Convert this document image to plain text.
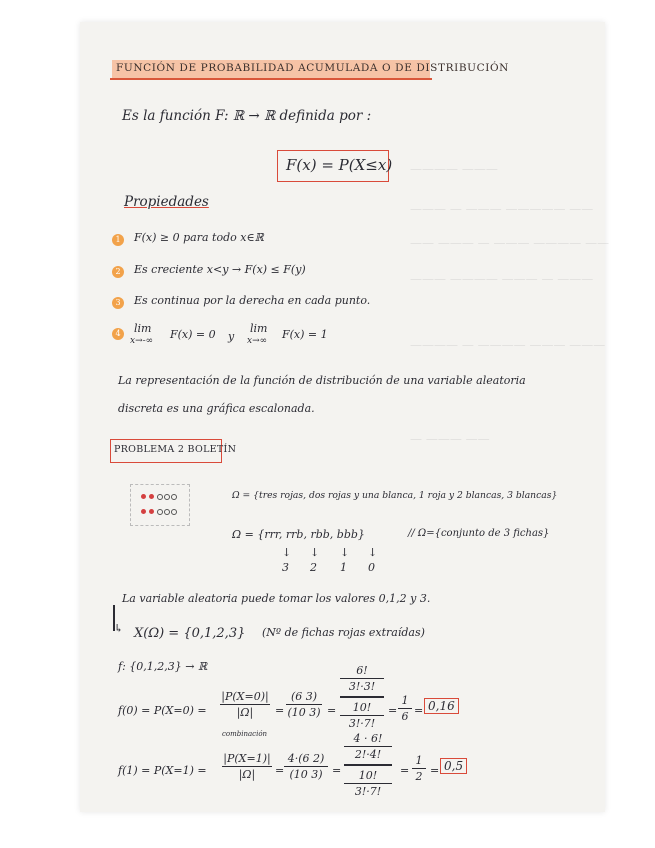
———— ———
——— — ——— ————— ——
—— ——— — ——— ———— ——
——— ———— ——— — ———
———— — ———— ——— ———
— ——— ——
FUNCIÓN DE PROBABILIDAD ACUMULADA O DE DISTRIBUCIÓN
Es la función F: ℝ → ℝ definida por :
F(x) = P(X≤x)
Propiedades
1	F(x) ≥ 0 para todo x∈ℝ
2	Es creciente x<y → F(x) ≤ F(y)
3	Es continua por la derecha en cada punto.
4	lim
x→-∞ F(x) = 0 y
lim
x→∞ F(x) = 1
La representación de la función de distribución de una variable aleatoria
discreta es una gráfica escalonada.
PROBLEMA 2 BOLETÍN
Ω = {tres rojas, dos rojas y una blanca, 1 roja y 2 blancas, 3 blancas}
Ω = {rrr, rrb, rbb, bbb}	// Ω={conjunto de 3 fichas}
↓ ↓ ↓ ↓
3 2 1 0
La variable aleatoria puede tomar los valores 0,1,2 y 3.
↳ X(Ω) = {0,1,2,3} (Nº de fichas rojas extraídas)
f: {0,1,2,3} → ℝ
f(0) = P(X=0) =
|P(X=0)|
|Ω|
combinación
=
(6 3)
(10 3) =
6!
3!·3!
10!
3!·7!
=
1
6 = 0,16
f(1) = P(X=1) =
|P(X=1)|
|Ω|	=
4·(6 2)
(10 3) =
4 · 6!
2!·4!
10!
3!·7!
=
1
2 = 0,5
